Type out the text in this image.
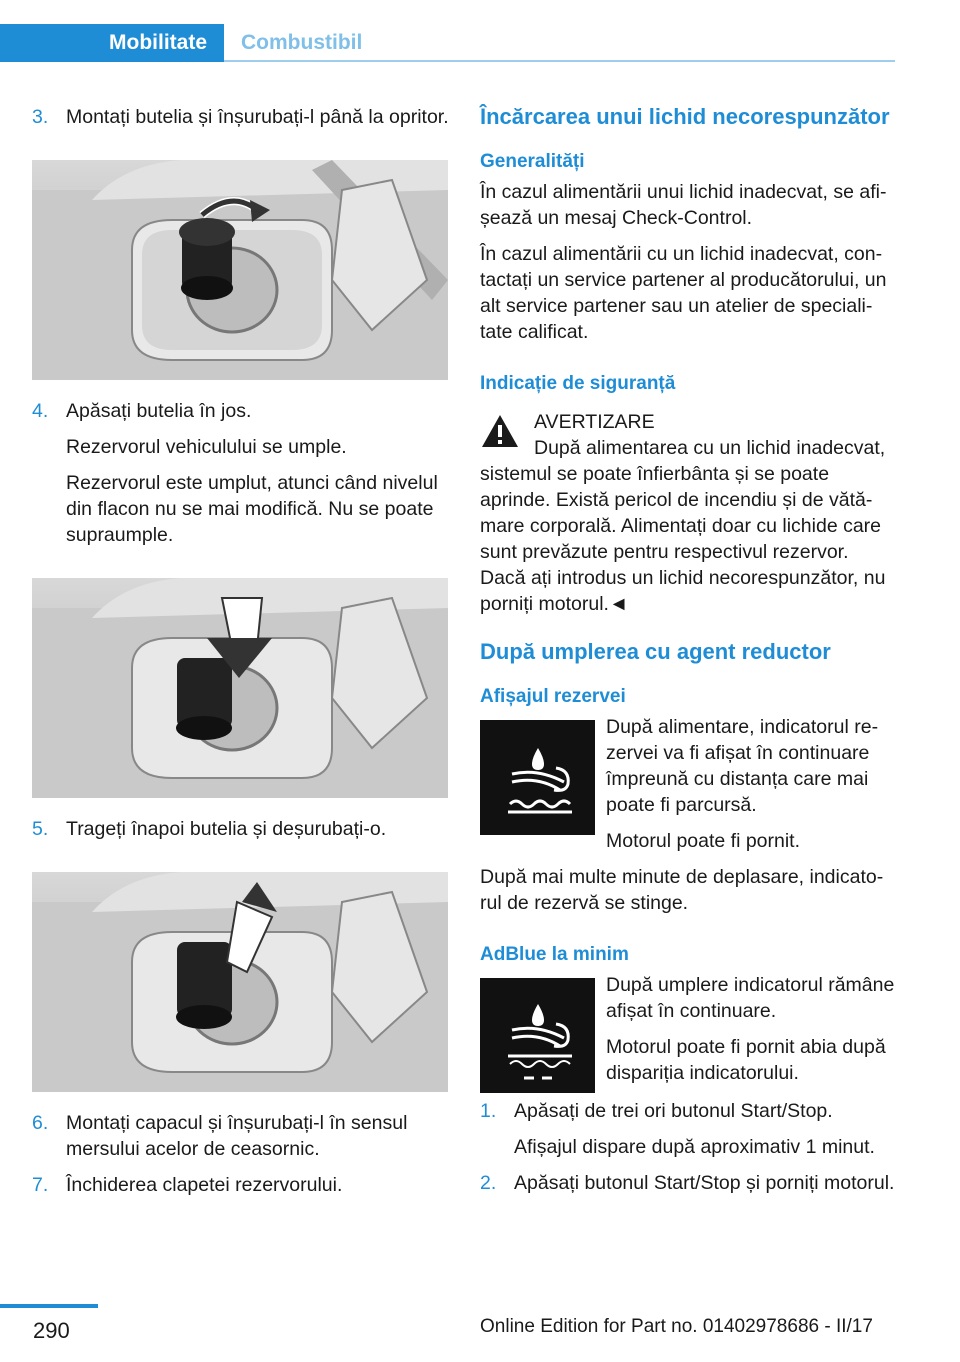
Mobilitate	Combustibil
3. Montați butelia și înșurubați-l până la opritor.

4. Apăsați butelia în jos.

Rezervorul vehiculului se umple.

Rezervorul este umplut, atunci când nivelul din flacon nu se mai modifică. Nu se poate supraumple.

5. Trageți înapoi butelia și deșurubați-o.

6. Montați capacul și înșurubați-l în sensul mersului acelor de ceasornic.

7. Închiderea clapetei rezervorului.

Încărcarea unui lichid necorespunzător
Generalități

În cazul alimentării unui lichid inadecvat, se afișează un mesaj Check-Control.

În cazul alimentării cu un lichid inadecvat, contactați un service partener al producătorului, un alt service partener sau un atelier de specialitate calificat.

Indicație de siguranță
AVERTIZARE
După alimentarea cu un lichid inadecvat,
sistemul se poate înfierbânta și se poate aprinde. Există pericol de incendiu și de vătămare corporală. Alimentați doar cu lichide care sunt prevăzute pentru respectivul rezervor. Dacă ați introdus un lichid necorespunzător, nu porniți motorul.◄
După umplerea cu agent reductor
Afișajul rezervei

După alimentare, indicatorul rezervei va fi afișat în continuare împreună cu distanța care mai poate fi parcursă.

Motorul poate fi pornit.

După mai multe minute de deplasare, indicatorul de rezervă se stinge.

AdBlue la minim

După umplere indicatorul rămâne afișat în continuare.

Motorul poate fi pornit abia după dispariția indicatorului.

1. Apăsați de trei ori butonul Start/Stop.

Afișajul dispare după aproximativ 1 minut.

2. Apăsați butonul Start/Stop și porniți motorul.

290	Online Edition for Part no. 01402978686 - II/17
